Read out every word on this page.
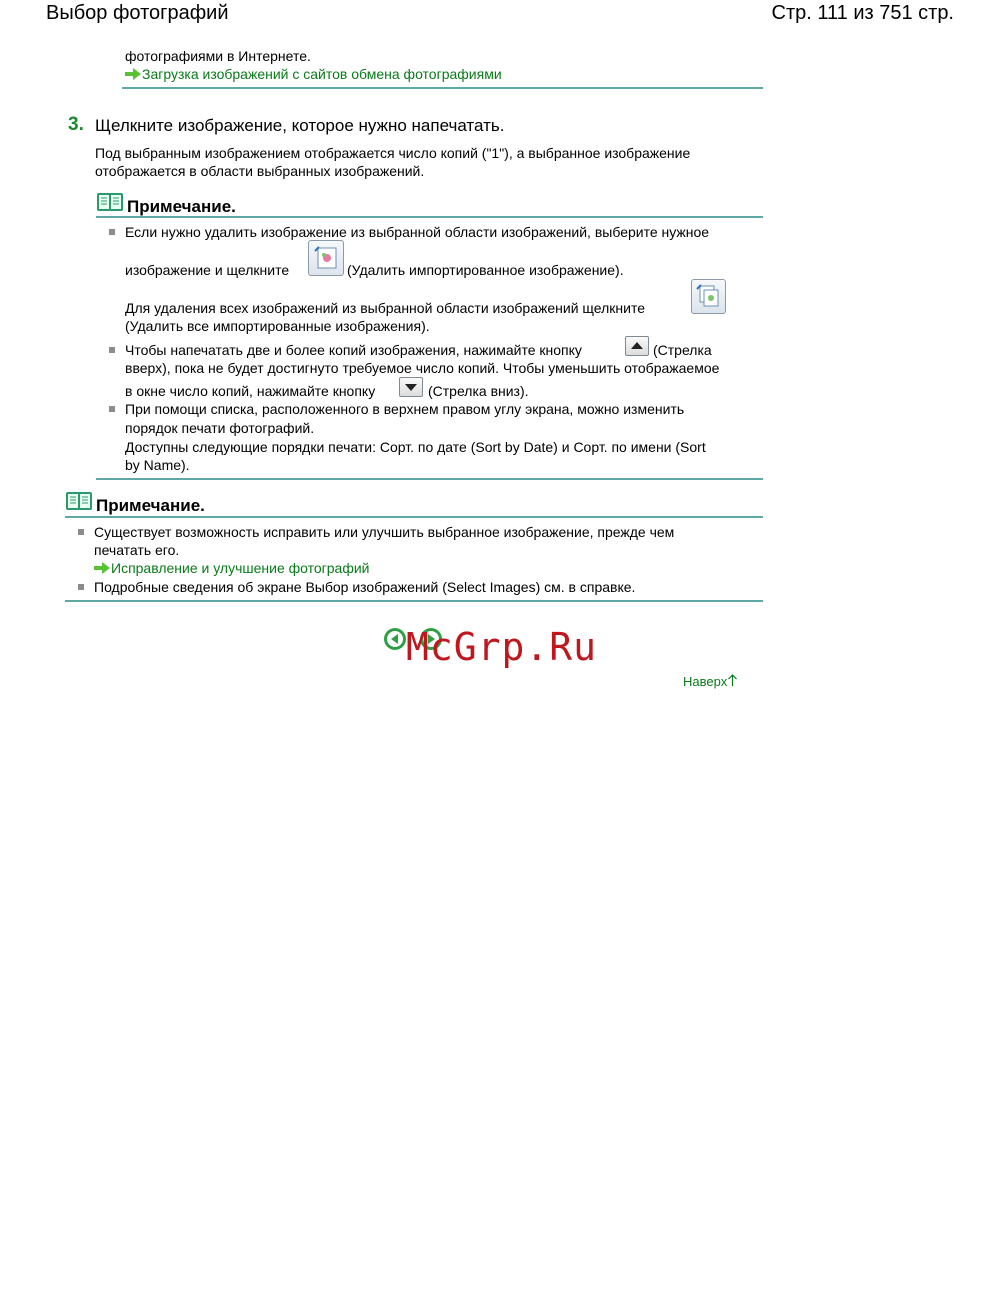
Выбор фотографий	Стр. 111 из 751 стр.
фотографиями в Интернете.
Загрузка изображений с сайтов обмена фотографиями
3. Щелкните изображение, которое нужно напечатать.
Под выбранным изображением отображается число копий ("1"), а выбранное изображение
отображается в области выбранных изображений.
Примечание.
Если нужно удалить изображение из выбранной области изображений, выберите нужное
изображение и щелкните	(Удалить импортированное изображение).
Для удаления всех изображений из выбранной области изображений щелкните
(Удалить все импортированные изображения).
Чтобы напечатать две и более копий изображения, нажимайте кнопку	(Стрелка
вверх), пока не будет достигнуто требуемое число копий. Чтобы уменьшить отображаемое
в окне число копий, нажимайте кнопку	(Стрелка вниз).
При помощи списка, расположенного в верхнем правом углу экрана, можно изменить
порядок печати фотографий.
Доступны следующие порядки печати: Сорт. по дате (Sort by Date) и Сорт. по имени (Sort
by Name).
Примечание.
Существует возможность исправить или улучшить выбранное изображение, прежде чем
печатать его.
Исправление и улучшение фотографий
Подробные сведения об экране Выбор изображений (Select Images) см. в справке.
McGrp.Ru
Наверх
